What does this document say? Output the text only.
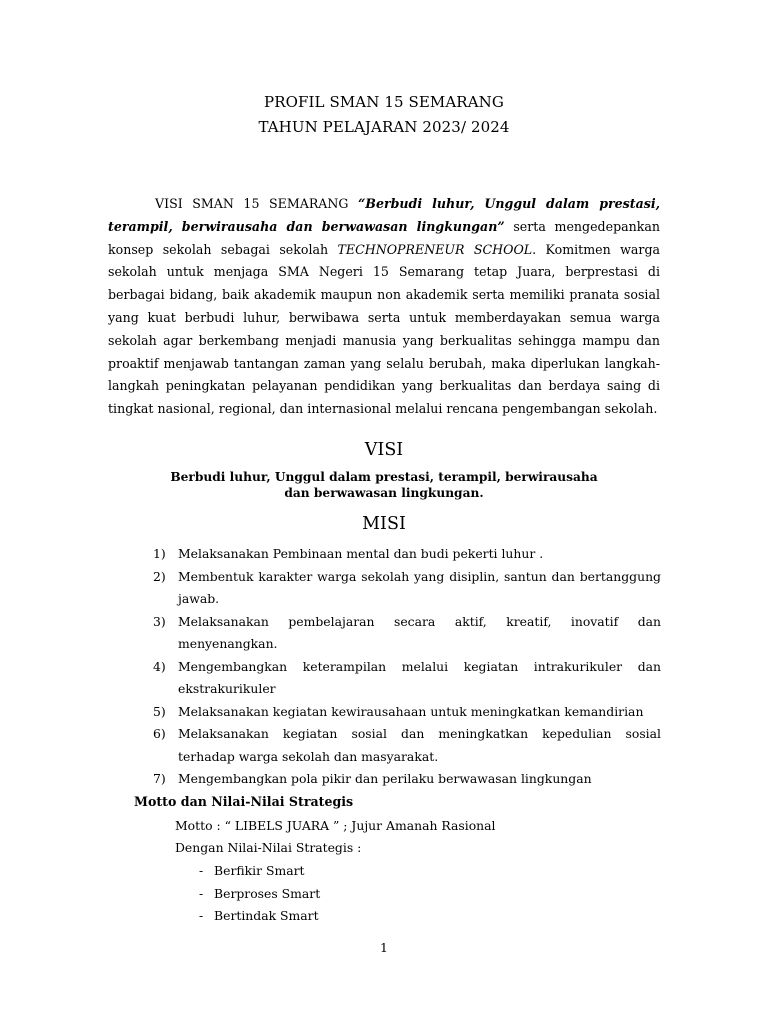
PROFIL SMAN 15 SEMARANG
TAHUN PELAJARAN 2023/ 2024

VISI SMAN 15 SEMARANG “Berbudi luhur, Unggul dalam prestasi, terampil, berwirausaha dan berwawasan lingkungan” serta mengedepankan konsep sekolah sebagai sekolah TECHNOPRENEUR SCHOOL. Komitmen warga sekolah untuk menjaga SMA Negeri 15 Semarang tetap Juara, berprestasi di berbagai bidang, baik akademik maupun non akademik serta memiliki pranata sosial yang kuat berbudi luhur, berwibawa serta untuk memberdayakan semua warga sekolah agar berkembang menjadi manusia yang berkualitas sehingga mampu dan proaktif menjawab tantangan zaman yang selalu berubah, maka diperlukan langkah-langkah peningkatan pelayanan pendidikan yang berkualitas dan berdaya saing di tingkat nasional, regional, dan internasional melalui rencana pengembangan sekolah.

VISI
Berbudi luhur, Unggul dalam prestasi, terampil, berwirausaha
dan berwawasan lingkungan.
MISI
1) Melaksanakan Pembinaan mental dan budi pekerti luhur .
2) Membentuk karakter warga sekolah yang disiplin, santun dan bertanggung jawab.
3) Melaksanakan pembelajaran secara aktif, kreatif, inovatif dan menyenangkan.
4) Mengembangkan keterampilan melalui kegiatan intrakurikuler dan ekstrakurikuler
5) Melaksanakan kegiatan kewirausahaan untuk meningkatkan kemandirian
6) Melaksanakan kegiatan sosial dan meningkatkan kepedulian sosial terhadap warga sekolah dan masyarakat.
7) Mengembangkan pola pikir dan perilaku berwawasan lingkungan
Motto dan Nilai-Nilai Strategis
Motto : “ LIBELS JUARA ” ; Jujur Amanah Rasional
Dengan Nilai-Nilai Strategis :
- Berfikir Smart
- Berproses Smart
- Bertindak Smart
1
